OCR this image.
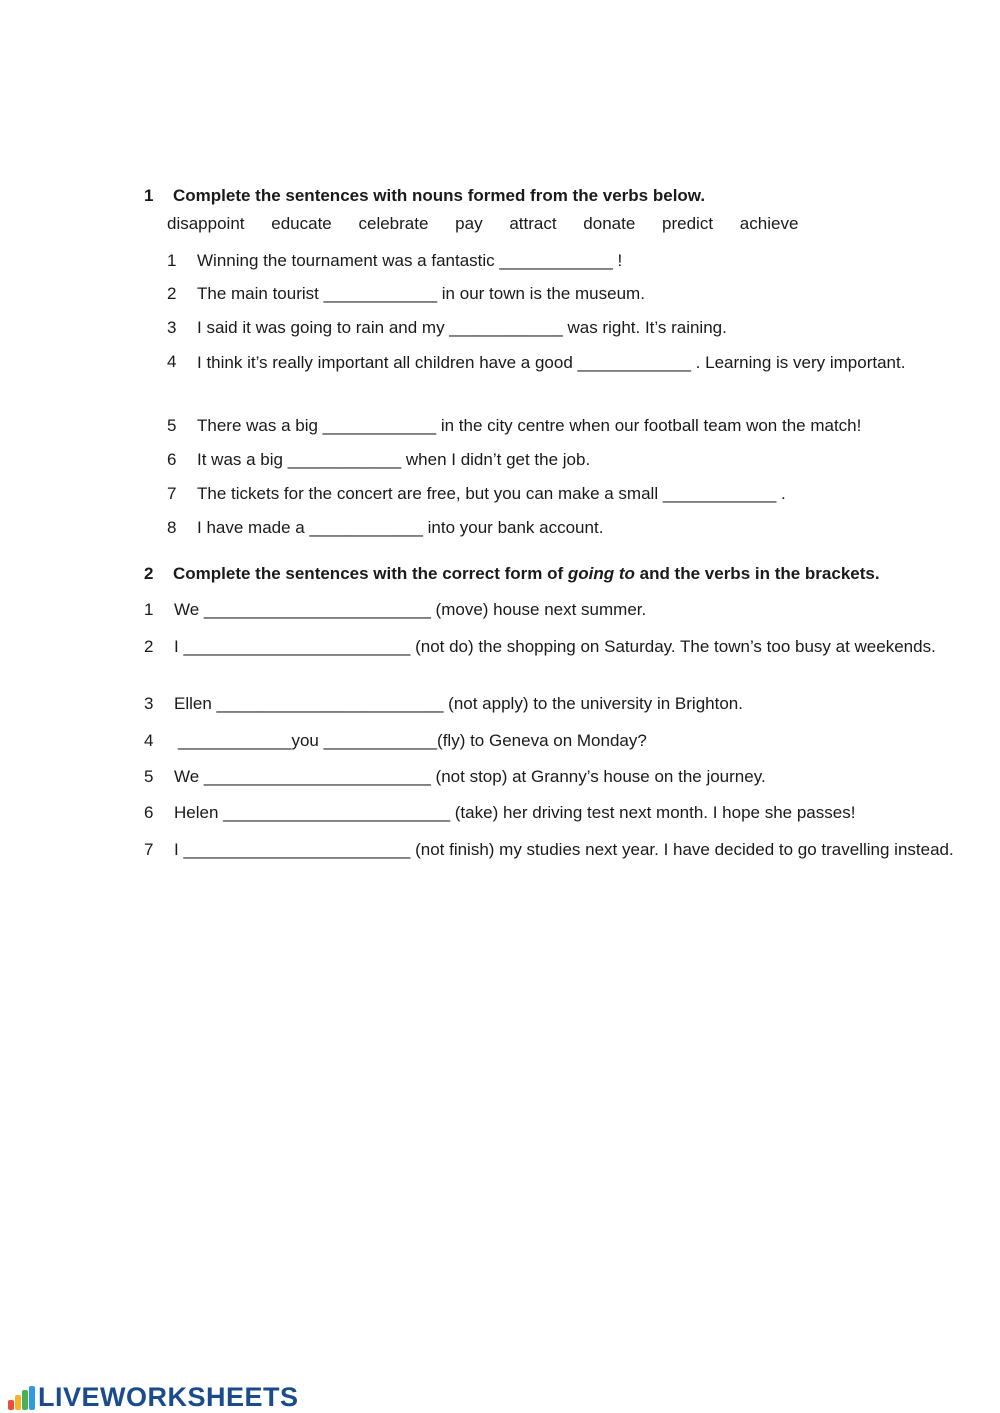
1 Complete the sentences with nouns formed from the verbs below.
disappoint educate celebrate pay attract donate predict achieve
1 Winning the tournament was a fantastic ____________ !
2 The main tourist ____________ in our town is the museum.
3 I said it was going to rain and my ____________ was right. It’s raining.
4 I think it’s really important all children have a good ____________ . Learning is very important.
5 There was a big ____________ in the city centre when our football team won the match!
6 It was a big ____________ when I didn’t get the job.
7 The tickets for the concert are free, but you can make a small ____________ .
8 I have made a ____________ into your bank account.
2 Complete the sentences with the correct form of going to and the verbs in the brackets.
1 We ________________________ (move) house next summer.
2 I ________________________ (not do) the shopping on Saturday. The town’s too busy at weekends.
3 Ellen ________________________ (not apply) to the university in Brighton.
4 ____________you ____________(fly) to Geneva on Monday?
5 We ________________________ (not stop) at Granny’s house on the journey.
6 Helen ________________________ (take) her driving test next month. I hope she passes!
7 I ________________________ (not finish) my studies next year. I have decided to go travelling instead.
LIVEWORKSHEETS
